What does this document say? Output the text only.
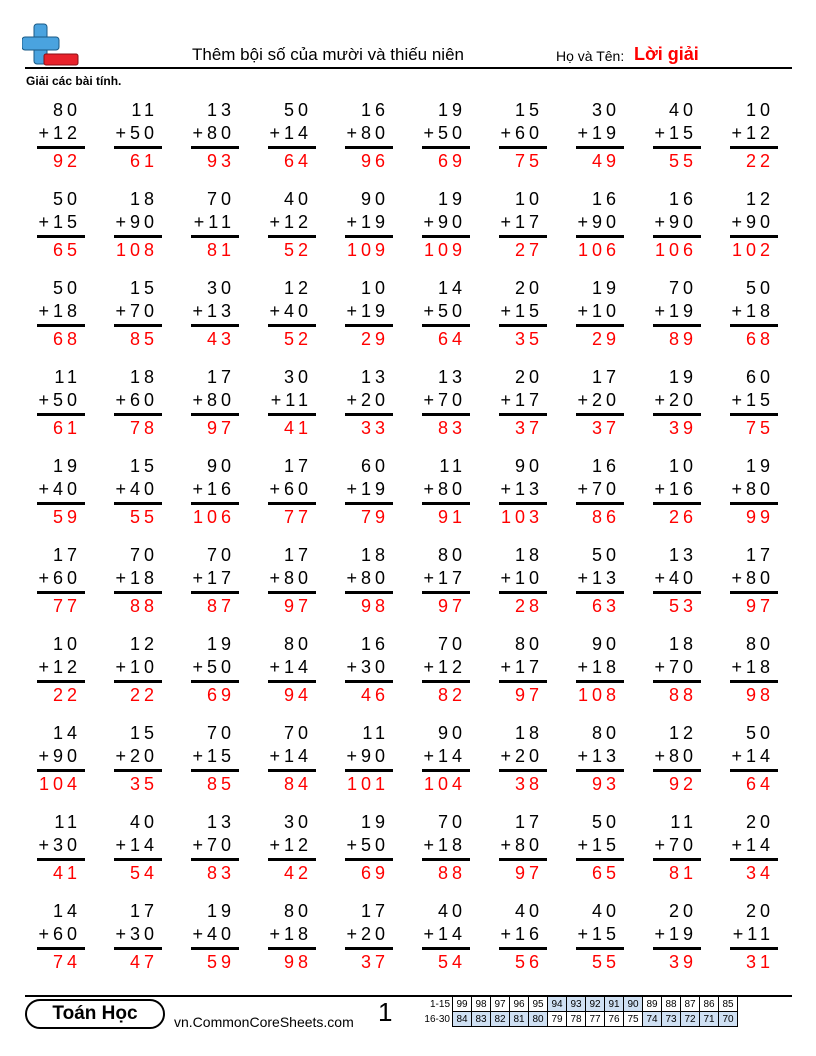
Thêm bội số của mười và thiếu niên	Họ và Tên: Lời giải
Giải các bài tính.
80
+12
92
11
+50
61
13
+80
93
50
+14
64
16
+80
96
19
+50
69
15
+60
75
30
+19
49
40
+15
55
10
+12
22
50
+15
65
18
+90
108
70
+11
81
40
+12
52
90
+19
109
19
+90
109
10
+17
27
16
+90
106
16
+90
106
12
+90
102
50
+18
68
15
+70
85
30
+13
43
12
+40
52
10
+19
29
14
+50
64
20
+15
35
19
+10
29
70
+19
89
50
+18
68
11
+50
61
18
+60
78
17
+80
97
30
+11
41
13
+20
33
13
+70
83
20
+17
37
17
+20
37
19
+20
39
60
+15
75
19
+40
59
15
+40
55
90
+16
106
17
+60
77
60
+19
79
11
+80
91
90
+13
103
16
+70
86
10
+16
26
19
+80
99
17
+60
77
70
+18
88
70
+17
87
17
+80
97
18
+80
98
80
+17
97
18
+10
28
50
+13
63
13
+40
53
17
+80
97
10
+12
22
12
+10
22
19
+50
69
80
+14
94
16
+30
46
70
+12
82
80
+17
97
90
+18
108
18
+70
88
80
+18
98
14
+90
104
15
+20
35
70
+15
85
70
+14
84
11
+90
101
90
+14
104
18
+20
38
80
+13
93
12
+80
92
50
+14
64
11
+30
41
40
+14
54
13
+70
83
30
+12
42
19
+50
69
70
+18
88
17
+80
97
50
+15
65
11
+70
81
20
+14
34
14
+60
74
17
+30
47
19
+40
59
80
+18
98
17
+20
37
40
+14
54
40
+16
56
40
+15
55
20
+19
39
20
+11
31
Toán Học	vn.CommonCoreSheets.com 1	1-15	99	98	97	96	95	94	93	92	91	90	89	88	87	86	85
16-30	84	83	82	81	80	79	78	77	76	75	74	73	72	71	70
